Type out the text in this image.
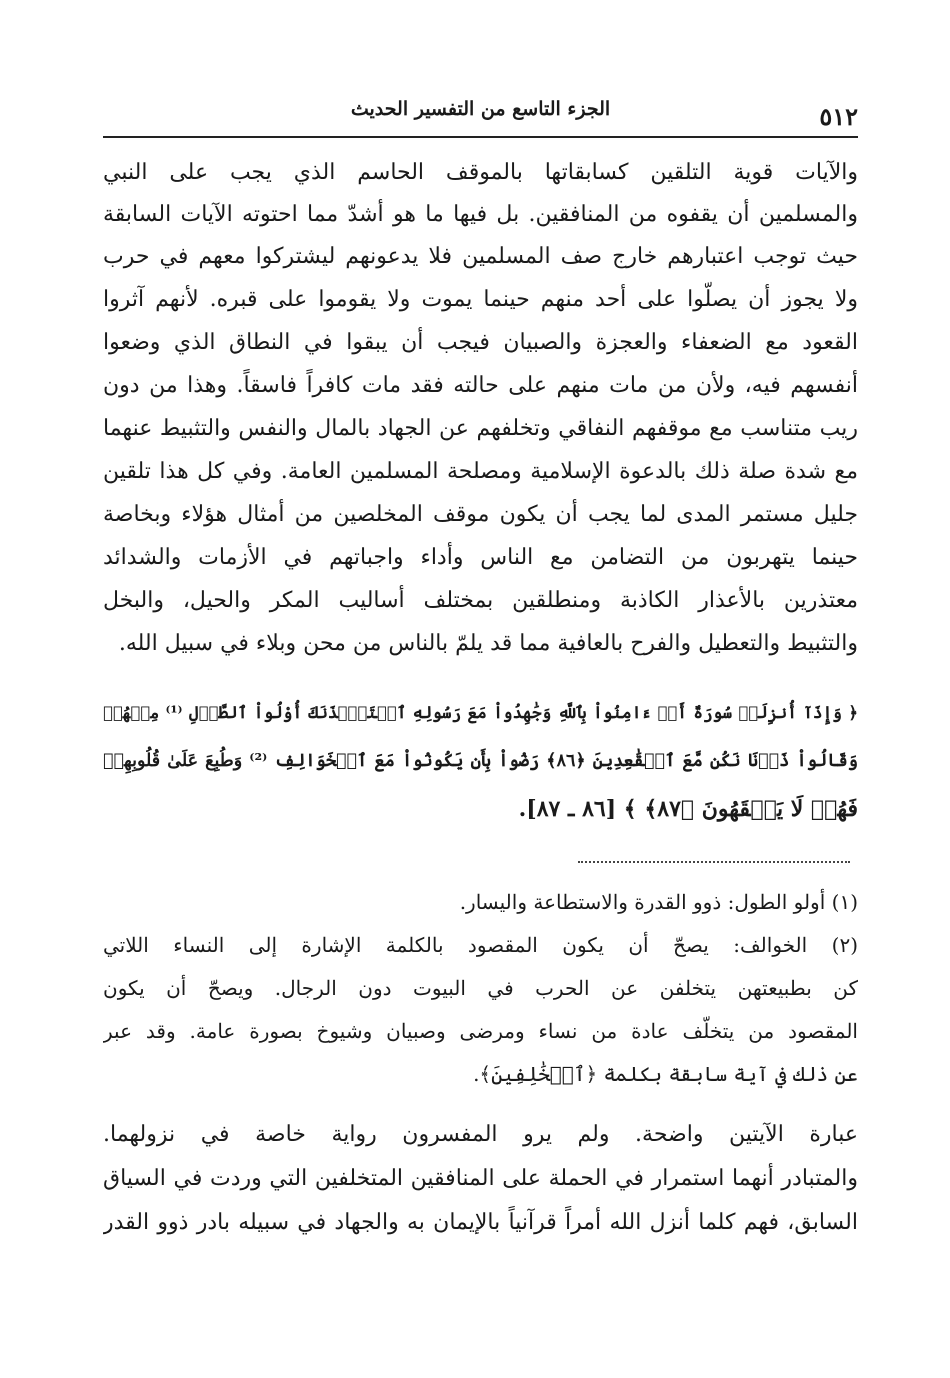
الجزء التاسع من التفسير الحديث	٥١٢
والآيات قوية التلقين كسابقاتها بالموقف الحاسم الذي يجب على النبي
والمسلمين أن يقفوه من المنافقين. بل فيها ما هو أشدّ مما احتوته الآيات السابقة
حيث توجب اعتبارهم خارج صف المسلمين فلا يدعونهم ليشتركوا معهم في حرب
ولا يجوز أن يصلّوا على أحد منهم حينما يموت ولا يقوموا على قبره. لأنهم آثروا
القعود مع الضعفاء والعجزة والصبيان فيجب أن يبقوا في النطاق الذي وضعوا
أنفسهم فيه، ولأن من مات منهم على حالته فقد مات كافراً فاسقاً. وهذا من دون
ريب متناسب مع موقفهم النفاقي وتخلفهم عن الجهاد بالمال والنفس والتثبيط عنهما
مع شدة صلة ذلك بالدعوة الإسلامية ومصلحة المسلمين العامة. وفي كل هذا تلقين
جليل مستمر المدى لما يجب أن يكون موقف المخلصين من أمثال هؤلاء وبخاصة
حينما يتهربون من التضامن مع الناس وأداء واجباتهم في الأزمات والشدائد
معتذرين بالأعذار الكاذبة ومنطلقين بمختلف أساليب المكر والحيل، والبخل
والتثبيط والتعطيل والفرح بالعافية مما قد يلمّ بالناس من محن وبلاء في سبيل الله.
﴿ وَإِذَآ أُنزِلَتۡ سُورَةٌ أَنۡ ءَامِنُواْ بِٱللَّهِ وَجَٰهِدُواْ مَعَ رَسُولِهِ ٱسۡتَـٔۡذَنَكَ أُوْلُواْ ٱلطَّوۡلِ ⁽¹⁾ مِنۡهُمۡ
وَقَالُواْ ذَرۡنَا نَكُن مَّعَ ٱلۡقَٰعِدِينَ ﴿٨٦﴾ رَضُواْ بِأَن يَكُونُواْ مَعَ ٱلۡخَوَالِفِ ⁽²⁾ وَطُبِعَ عَلَىٰ قُلُوبِهِمۡ
فَهُمۡ لَا يَفۡقَهُونَ ﴿٨٧﴾ ﴾ [٨٦ ـ ٨٧].
(١) أولو الطول: ذوو القدرة والاستطاعة واليسار.
(٢) الخوالف: يصحّ أن يكون المقصود بالكلمة الإشارة إلى النساء اللاتي
كن بطبيعتهن يتخلفن عن الحرب في البيوت دون الرجال. ويصحّ أن يكون
المقصود من يتخلّف عادة من نساء ومرضى وصبيان وشيوخ بصورة عامة. وقد عبر
عن ذلك في آية سابقة بكلمة ﴿ٱلۡخَٰلِفِينَ﴾.
عبارة الآيتين واضحة. ولم يرو المفسرون رواية خاصة في نزولهما.
والمتبادر أنهما استمرار في الحملة على المنافقين المتخلفين التي وردت في السياق
السابق، فهم كلما أنزل الله أمراً قرآنياً بالإيمان به والجهاد في سبيله بادر ذوو القدر
